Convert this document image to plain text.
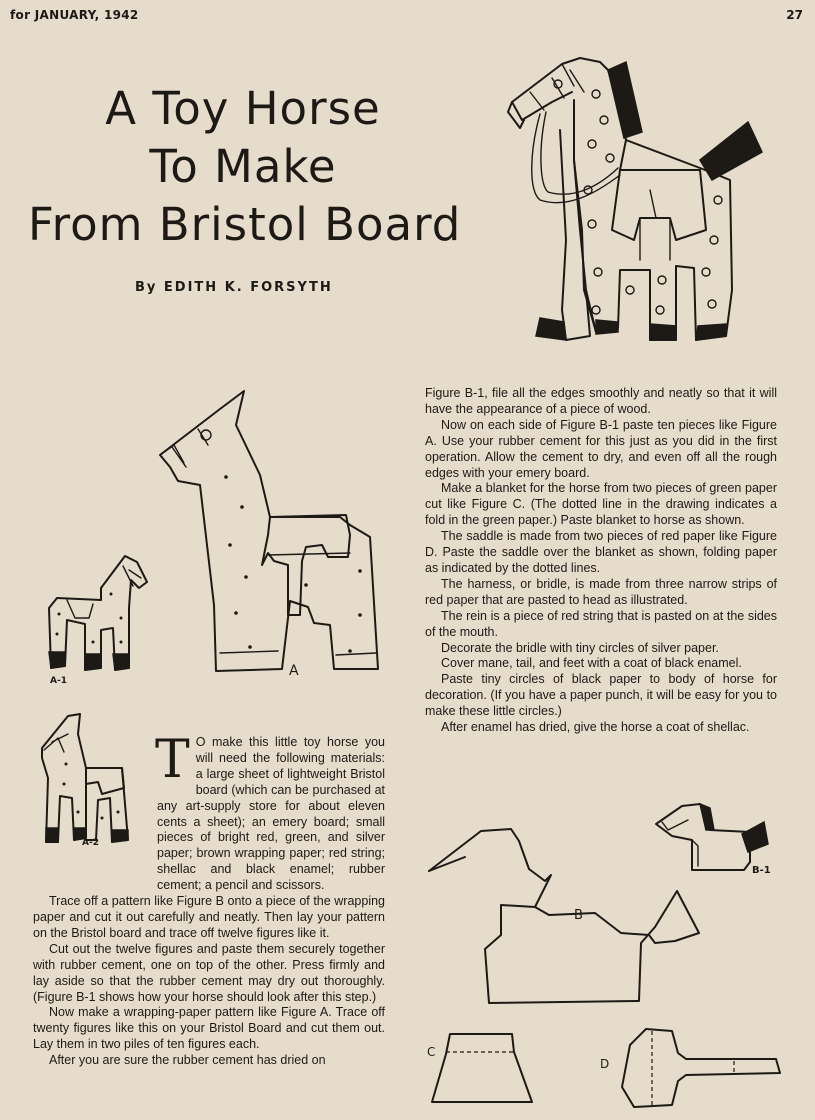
for JANUARY, 1942	27
A Toy Horse
To Make
From Bristol Board
By EDITH K. FORSYTH
A
A-1
A-2

Figure B-1, file all the edges smoothly and neatly so that it will have the appearance of a piece of wood.

Now on each side of Figure B-1 paste ten pieces like Figure A. Use your rubber cement for this just as you did in the first operation. Allow the cement to dry, and even off all the rough edges with your emery board.

Make a blanket for the horse from two pieces of green paper cut like Figure C. (The dotted line in the drawing indicates a fold in the green paper.) Paste blanket to horse as shown.

The saddle is made from two pieces of red paper like Figure D. Paste the saddle over the blanket as shown, folding paper as indicated by the dotted lines.

The harness, or bridle, is made from three narrow strips of red paper that are pasted to head as illustrated.

The rein is a piece of red string that is pasted on at the sides of the mouth.

Decorate the bridle with tiny circles of silver paper.

Cover mane, tail, and feet with a coat of black enamel.

Paste tiny circles of black paper to body of horse for decoration. (If you have a paper punch, it will be easy for you to make these little circles.)

After enamel has dried, give the horse a coat of shellac.

T O make this little toy horse you will need the following materials: a large sheet of lightweight Bristol board (which can be purchased at any art-supply store for about eleven cents a sheet); an emery board; small pieces of bright red, green, and silver paper; brown wrapping paper; red string; shellac and black enamel; rubber cement; a pencil and scissors.

Trace off a pattern like Figure B onto a piece of the wrapping paper and cut it out carefully and neatly. Then lay your pattern on the Bristol board and trace off twelve figures like it.

Cut out the twelve figures and paste them securely together with rubber cement, one on top of the other. Press firmly and lay aside so that the rubber cement may dry out thoroughly. (Figure B-1 shows how your horse should look after this step.)

Now make a wrapping-paper pattern like Figure A. Trace off twenty figures like this on your Bristol Board and cut them out. Lay them in two piles of ten figures each.

After you are sure the rubber cement has dried on

B
B-1
C
D
